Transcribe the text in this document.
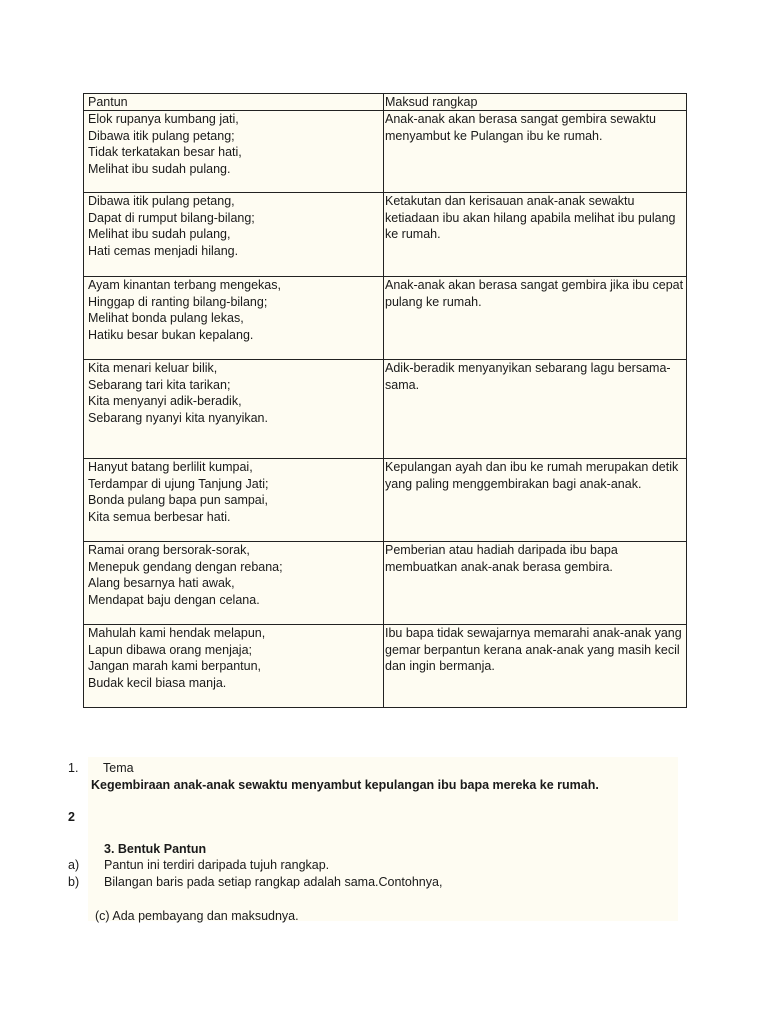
Pantun	Maksud rangkap
Elok rupanya kumbang jati,
Dibawa itik pulang petang;
Tidak terkatakan besar hati,
Melihat ibu sudah pulang.	Anak-anak akan berasa sangat gembira sewaktu menyambut ke Pulangan ibu ke rumah.
Dibawa itik pulang petang,
Dapat di rumput bilang-bilang;
Melihat ibu sudah pulang,
Hati cemas menjadi hilang.	Ketakutan dan kerisauan anak-anak sewaktu ketiadaan ibu akan hilang apabila melihat ibu pulang ke rumah.
Ayam kinantan terbang mengekas,
Hinggap di ranting bilang-bilang;
Melihat bonda pulang lekas,
Hatiku besar bukan kepalang.	Anak-anak akan berasa sangat gembira jika ibu cepat pulang ke rumah.
Kita menari keluar bilik,
Sebarang tari kita tarikan;
Kita menyanyi adik-beradik,
Sebarang nyanyi kita nyanyikan.	Adik-beradik menyanyikan sebarang lagu bersama-sama.
Hanyut batang berlilit kumpai,
Terdampar di ujung Tanjung Jati;
Bonda pulang bapa pun sampai,
Kita semua berbesar hati.	Kepulangan ayah dan ibu ke rumah merupakan detik yang paling menggembirakan bagi anak-anak.
Ramai orang bersorak-sorak,
Menepuk gendang dengan rebana;
Alang besarnya hati awak,
Mendapat baju dengan celana.	Pemberian atau hadiah daripada ibu bapa membuatkan anak-anak berasa gembira.
Mahulah kami hendak melapun,
Lapun dibawa orang menjaja;
Jangan marah kami berpantun,
Budak kecil biasa manja.	Ibu bapa tidak sewajarnya memarahi anak-anak yang gemar berpantun kerana anak-anak yang masih kecil dan ingin bermanja.
1. Tema
Kegembiraan anak-anak sewaktu menyambut kepulangan ibu bapa mereka ke rumah.
2
3. Bentuk Pantun
a) Pantun ini terdiri daripada tujuh rangkap.
b) Bilangan baris pada setiap rangkap adalah sama.Contohnya,
(c) Ada pembayang dan maksudnya.
